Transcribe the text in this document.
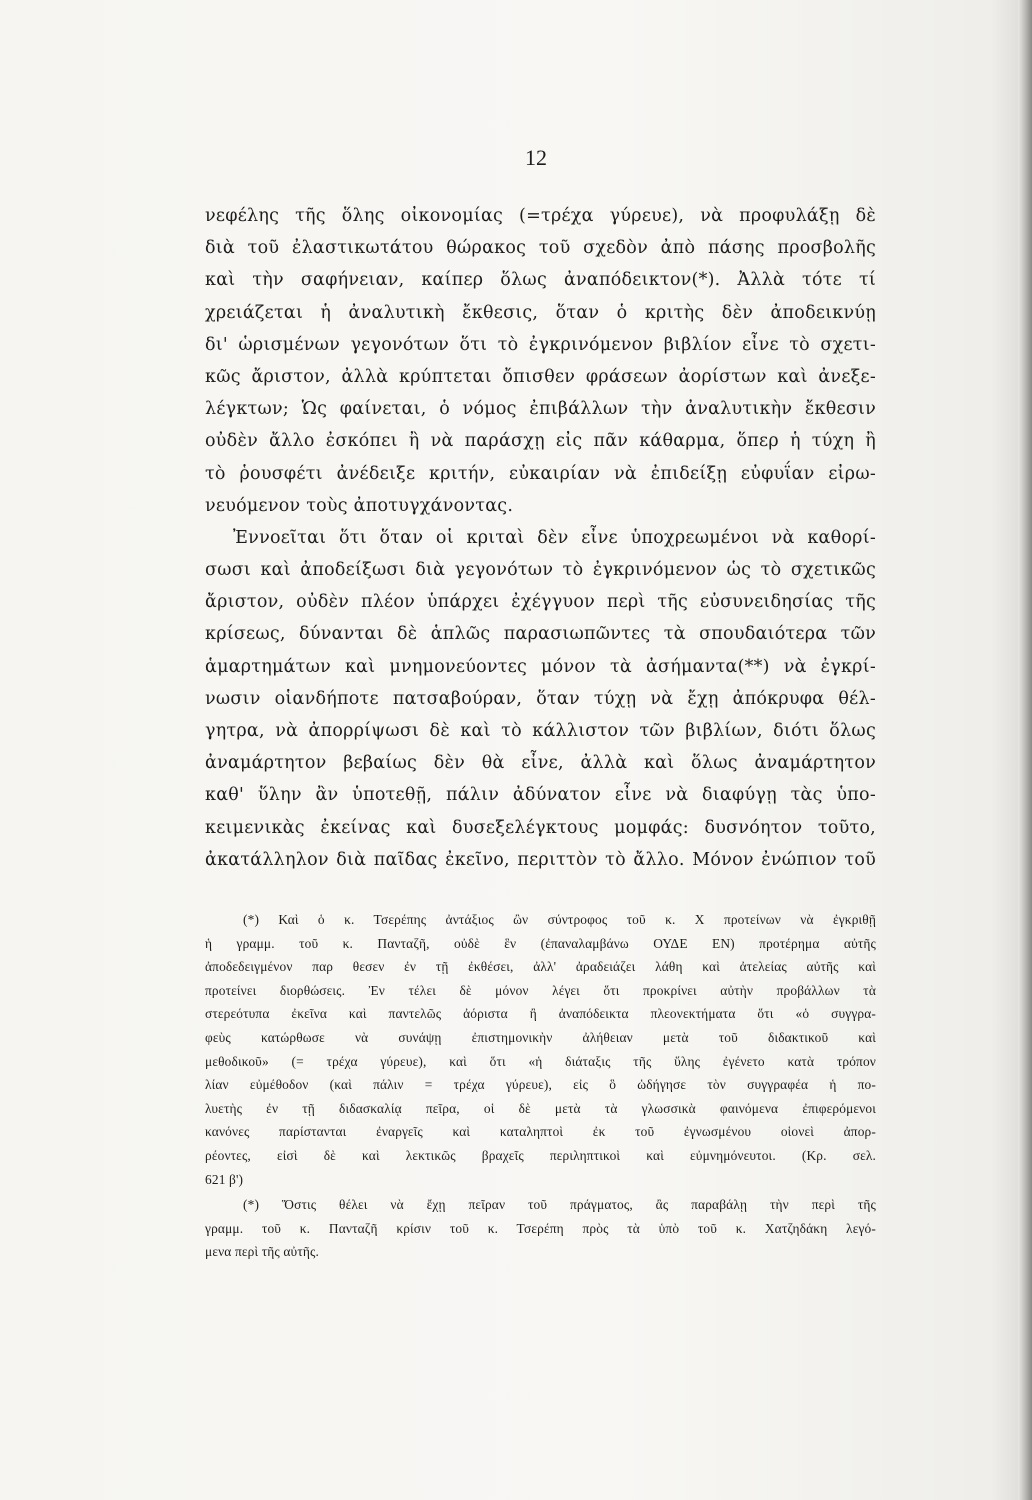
12
νεφέλης τῆς ὅλης οἰκονομίας (=τρέχα γύρευε), νὰ προφυλάξῃ δὲ
διὰ τοῦ ἐλαστικωτάτου θώρακος τοῦ σχεδὸν ἀπὸ πάσης προσβολῆς
καὶ τὴν σαφήνειαν, καίπερ ὅλως ἀναπόδεικτον(*). Ἀλλὰ τότε τί
χρειάζεται ἡ ἀναλυτικὴ ἔκθεσις, ὅταν ὁ κριτὴς δὲν ἀποδεικνύῃ
δι' ὡρισμένων γεγονότων ὅτι τὸ ἐγκρινόμενον βιβλίον εἶνε τὸ σχετι-
κῶς ἄριστον, ἀλλὰ κρύπτεται ὄπισθεν φράσεων ἀορίστων καὶ ἀνεξε-
λέγκτων; Ὡς φαίνεται, ὁ νόμος ἐπιβάλλων τὴν ἀναλυτικὴν ἔκθεσιν
οὐδὲν ἄλλο ἐσκόπει ἢ νὰ παράσχῃ εἰς πᾶν κάθαρμα, ὅπερ ἡ τύχη ἢ
τὸ ῥουσφέτι ἀνέδειξε κριτήν, εὐκαιρίαν νὰ ἐπιδείξῃ εὐφυΐαν εἰρω-
νευόμενον τοὺς ἀποτυγχάνοντας.
Ἐννοεῖται ὅτι ὅταν οἱ κριταὶ δὲν εἶνε ὑποχρεωμένοι νὰ καθορί-
σωσι καὶ ἀποδείξωσι διὰ γεγονότων τὸ ἐγκρινόμενον ὡς τὸ σχετικῶς
ἄριστον, οὐδὲν πλέον ὑπάρχει ἐχέγγυον περὶ τῆς εὐσυνειδησίας τῆς
κρίσεως, δύνανται δὲ ἁπλῶς παρασιωπῶντες τὰ σπουδαιότερα τῶν
ἁμαρτημάτων καὶ μνημονεύοντες μόνον τὰ ἀσήμαντα(**) νὰ ἐγκρί-
νωσιν οἱανδήποτε πατσαβούραν, ὅταν τύχῃ νὰ ἔχῃ ἀπόκρυφα θέλ-
γητρα, νὰ ἀπορρίψωσι δὲ καὶ τὸ κάλλιστον τῶν βιβλίων, διότι ὅλως
ἀναμάρτητον βεβαίως δὲν θὰ εἶνε, ἀλλὰ καὶ ὅλως ἀναμάρτητον
καθ' ὕλην ἂν ὑποτεθῇ, πάλιν ἀδύνατον εἶνε νὰ διαφύγῃ τὰς ὑπο-
κειμενικὰς ἐκείνας καὶ δυσεξελέγκτους μομφάς: δυσνόητον τοῦτο,
ἀκατάλληλον διὰ παῖδας ἐκεῖνο, περιττὸν τὸ ἄλλο. Μόνον ἐνώπιον τοῦ
(*) Καὶ ὁ κ. Τσερέπης ἀντάξιος ὢν σύντροφος τοῦ κ. Χ προτείνων νὰ ἐγκριθῇ
ἡ γραμμ. τοῦ κ. Πανταζῆ, οὐδὲ ἓν (ἐπαναλαμβάνω ΟΥΔΕ ΕΝ) προτέρημα αὐτῆς
ἀποδεδειγμένον παρ θεσεν ἐν τῇ ἐκθέσει, ἀλλ' ἀραδειάζει λάθη καὶ ἀτελείας αὐτῆς καὶ
προτείνει διορθώσεις. Ἐν τέλει δὲ μόνον λέγει ὅτι προκρίνει αὐτὴν προβάλλων τὰ
στερεότυπα ἐκεῖνα καὶ παντελῶς ἀόριστα ἢ ἀναπόδεικτα πλεονεκτήματα ὅτι «ὁ συγγρα-
φεὺς κατώρθωσε νὰ συνάψῃ ἐπιστημονικὴν ἀλήθειαν μετὰ τοῦ διδακτικοῦ καὶ
μεθοδικοῦ» (= τρέχα γύρευε), καὶ ὅτι «ἡ διάταξις τῆς ὕλης ἐγένετο κατὰ τρόπον
λίαν εὐμέθοδον (καὶ πάλιν = τρέχα γύρευε), εἰς ὃ ὡδήγησε τὸν συγγραφέα ἡ πο-
λυετὴς ἐν τῇ διδασκαλίᾳ πεῖρα, οἱ δὲ μετὰ τὰ γλωσσικὰ φαινόμενα ἐπιφερόμενοι
κανόνες παρίστανται ἐναργεῖς καὶ καταληπτοὶ ἐκ τοῦ ἐγνωσμένου οἱονεὶ ἀπορ-
ρέοντες, εἰσὶ δὲ καὶ λεκτικῶς βραχεῖς περιληπτικοὶ καὶ εὐμνημόνευτοι. (Κρ. σελ.
621 β')
(*) Ὅστις θέλει νὰ ἔχῃ πεῖραν τοῦ πράγματος, ἂς παραβάλῃ τὴν περὶ τῆς
γραμμ. τοῦ κ. Πανταζῆ κρίσιν τοῦ κ. Τσερέπη πρὸς τὰ ὑπὸ τοῦ κ. Χατζηδάκη λεγό-
μενα περὶ τῆς αὐτῆς.
